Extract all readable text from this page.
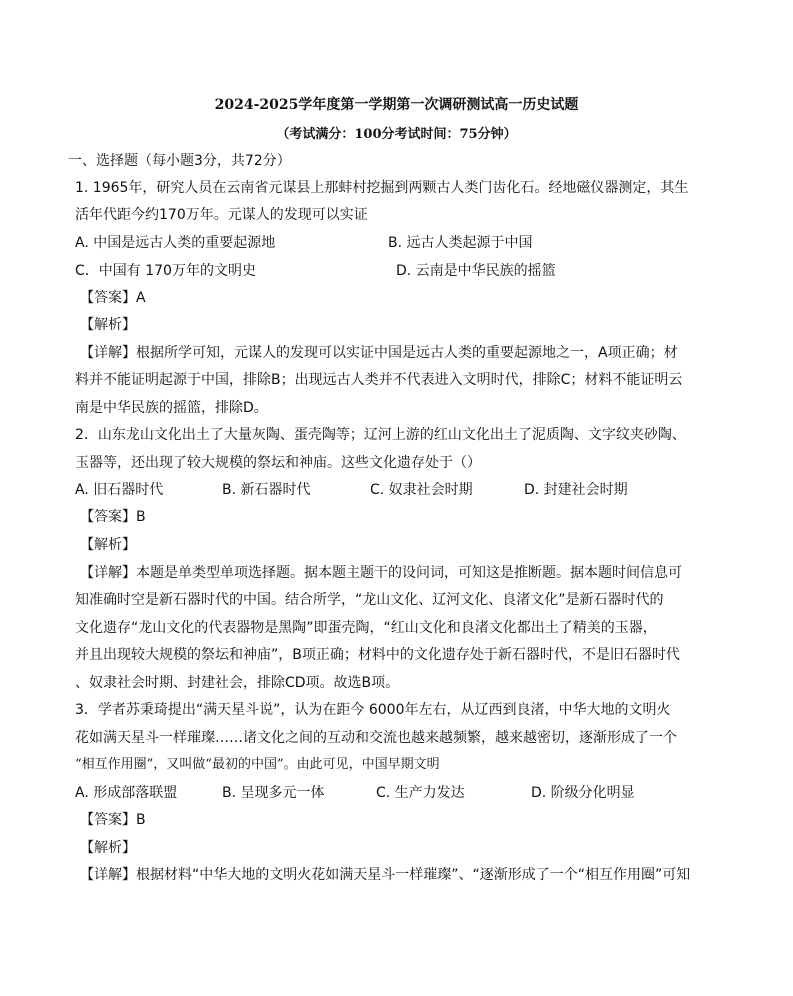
2024-2025学年度第一学期第一次调研测试高一历史试题
（考试满分：100分考试时间：75分钟）
一、选择题（每小题3分，共72分）
1. 1965年，研究人员在云南省元谋县上那蚌村挖掘到两颗古人类门齿化石。经地磁仪器测定，其生
活年代距今约170万年。元谋人的发现可以实证
A. 中国是远古人类的重要起源地	B. 远古人类起源于中国
C．中国有 170万年的文明史	D. 云南是中华民族的摇篮
【答案】A
【解析】
【详解】根据所学可知，元谋人的发现可以实证中国是远古人类的重要起源地之一，A项正确；材
料并不能证明起源于中国，排除B；出现远古人类并不代表进入文明时代，排除C；材料不能证明云
南是中华民族的摇篮，排除D。
2．山东龙山文化出土了大量灰陶、蛋壳陶等；辽河上游的红山文化出土了泥质陶、文字纹夹砂陶、
玉器等，还出现了较大规模的祭坛和神庙。这些文化遗存处于（）
A. 旧石器时代	B. 新石器时代	C. 奴隶社会时期	D. 封建社会时期
【答案】B
【解析】
【详解】本题是单类型单项选择题。据本题主题干的设问词，可知这是推断题。据本题时间信息可
知准确时空是新石器时代的中国。结合所学，“龙山文化、辽河文化、良渚文化”是新石器时代的
文化遗存“龙山文化的代表器物是黑陶”即蛋壳陶，“红山文化和良渚文化都出土了精美的玉器，
并且出现较大规模的祭坛和神庙”，B项正确；材料中的文化遗存处于新石器时代，不是旧石器时代
、奴隶社会时期、封建社会，排除CD项。故选B项。
3．学者苏秉琦提出“满天星斗说”，认为在距今 6000年左右，从辽西到良渚，中华大地的文明火
花如满天星斗一样璀璨……诸文化之间的互动和交流也越来越频繁，越来越密切，逐渐形成了一个
“相互作用圈”，又叫做“最初的中国”。由此可见，中国早期文明
A. 形成部落联盟	B. 呈现多元一体	C. 生产力发达	D. 阶级分化明显
【答案】B
【解析】
【详解】根据材料“中华大地的文明火花如满天星斗一样璀璨”、“逐渐形成了一个“相互作用圈”可知
